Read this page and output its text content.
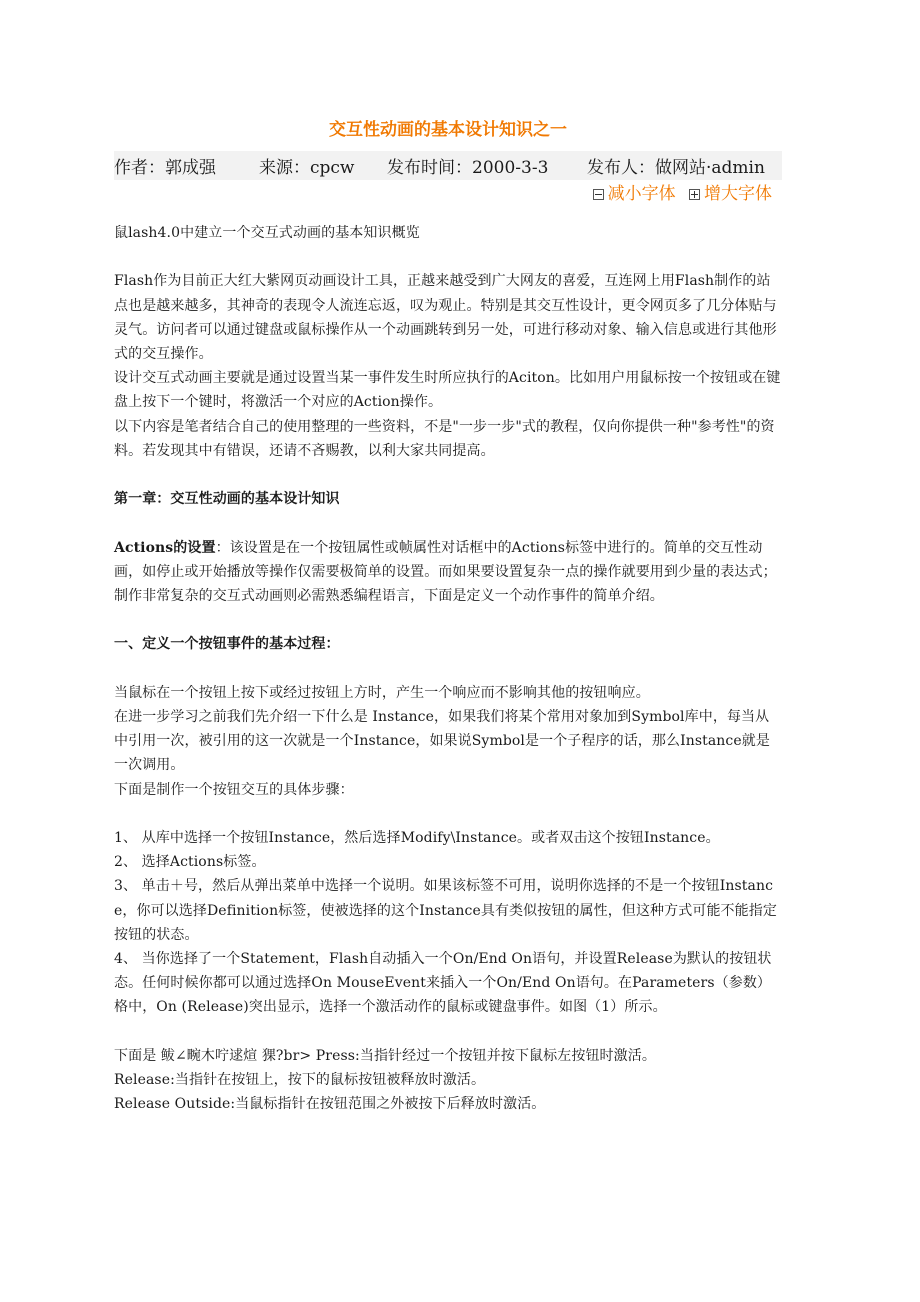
交互性动画的基本设计知识之一
作者：郭成强	来源：cpcw	发布时间：2000-3-3	发布人：做网站·admin
减小字体
增大字体

鼠lash4.0中建立一个交互式动画的基本知识概览

Flash作为目前正大红大紫网页动画设计工具，正越来越受到广大网友的喜爱，互连网上用Flash制作的站点也是越来越多，其神奇的表现令人流连忘返，叹为观止。特别是其交互性设计，更令网页多了几分体贴与灵气。访问者可以通过键盘或鼠标操作从一个动画跳转到另一处，可进行移动对象、输入信息或进行其他形式的交互操作。

设计交互式动画主要就是通过设置当某一事件发生时所应执行的Aciton。比如用户用鼠标按一个按钮或在键盘上按下一个键时，将激活一个对应的Action操作。

以下内容是笔者结合自己的使用整理的一些资料，不是"一步一步"式的教程，仅向你提供一种"参考性"的资料。若发现其中有错误，还请不吝赐教，以利大家共同提高。

第一章：交互性动画的基本设计知识

Actions的设置：该设置是在一个按钮属性或帧属性对话框中的Actions标签中进行的。简单的交互性动画，如停止或开始播放等操作仅需要极简单的设置。而如果要设置复杂一点的操作就要用到少量的表达式；制作非常复杂的交互式动画则必需熟悉编程语言，下面是定义一个动作事件的简单介绍。

一、定义一个按钮事件的基本过程：

当鼠标在一个按钮上按下或经过按钮上方时，产生一个响应而不影响其他的按钮响应。

在进一步学习之前我们先介绍一下什么是 Instance，如果我们将某个常用对象加到Symbol库中，每当从中引用一次，被引用的这一次就是一个Instance，如果说Symbol是一个子程序的话，那么Instance就是一次调用。

下面是制作一个按钮交互的具体步骤：

1、 从库中选择一个按钮Instance，然后选择Modify\Instance。或者双击这个按钮Instance。

2、 选择Actions标签。

3、 单击＋号，然后从弹出菜单中选择一个说明。如果该标签不可用，说明你选择的不是一个按钮Instance，你可以选择Definition标签，使被选择的这个Instance具有类似按钮的属性，但这种方式可能不能指定按钮的状态。

4、 当你选择了一个Statement，Flash自动插入一个On/End On语句，并设置Release为默认的按钮状态。任何时候你都可以通过选择On MouseEvent来插入一个On/End On语句。在Parameters（参数）格中，On (Release)突出显示，选择一个激活动作的鼠标或键盘事件。如图（1）所示。

下面是 鲅∠畹木咛逑煊 猓?br> Press:当指针经过一个按钮并按下鼠标左按钮时激活。

Release:当指针在按钮上，按下的鼠标按钮被释放时激活。

Release Outside:当鼠标指针在按钮范围之外被按下后释放时激活。
